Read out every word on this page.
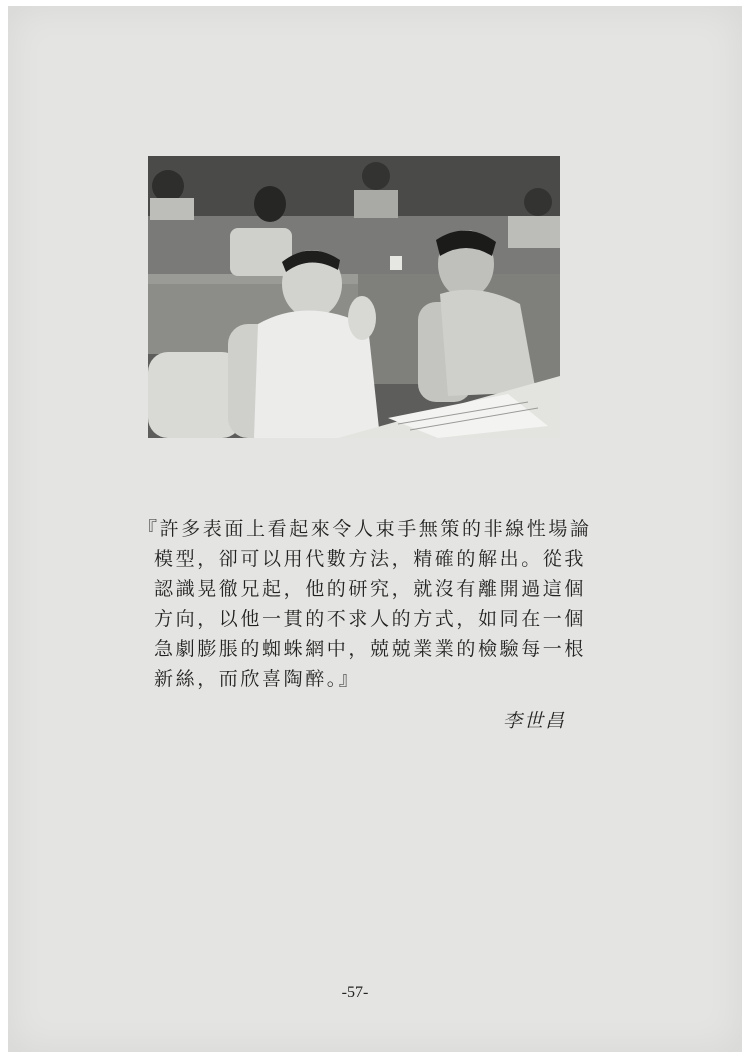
『許多表面上看起來令人束手無策的非線性場論
模型，卻可以用代數方法，精確的解出。從我
認識晃徹兄起，他的研究，就沒有離開過這個
方向，以他一貫的不求人的方式，如同在一個
急劇膨脹的蜘蛛網中，兢兢業業的檢驗每一根
新絲，而欣喜陶醉。』
李世昌
-57-
